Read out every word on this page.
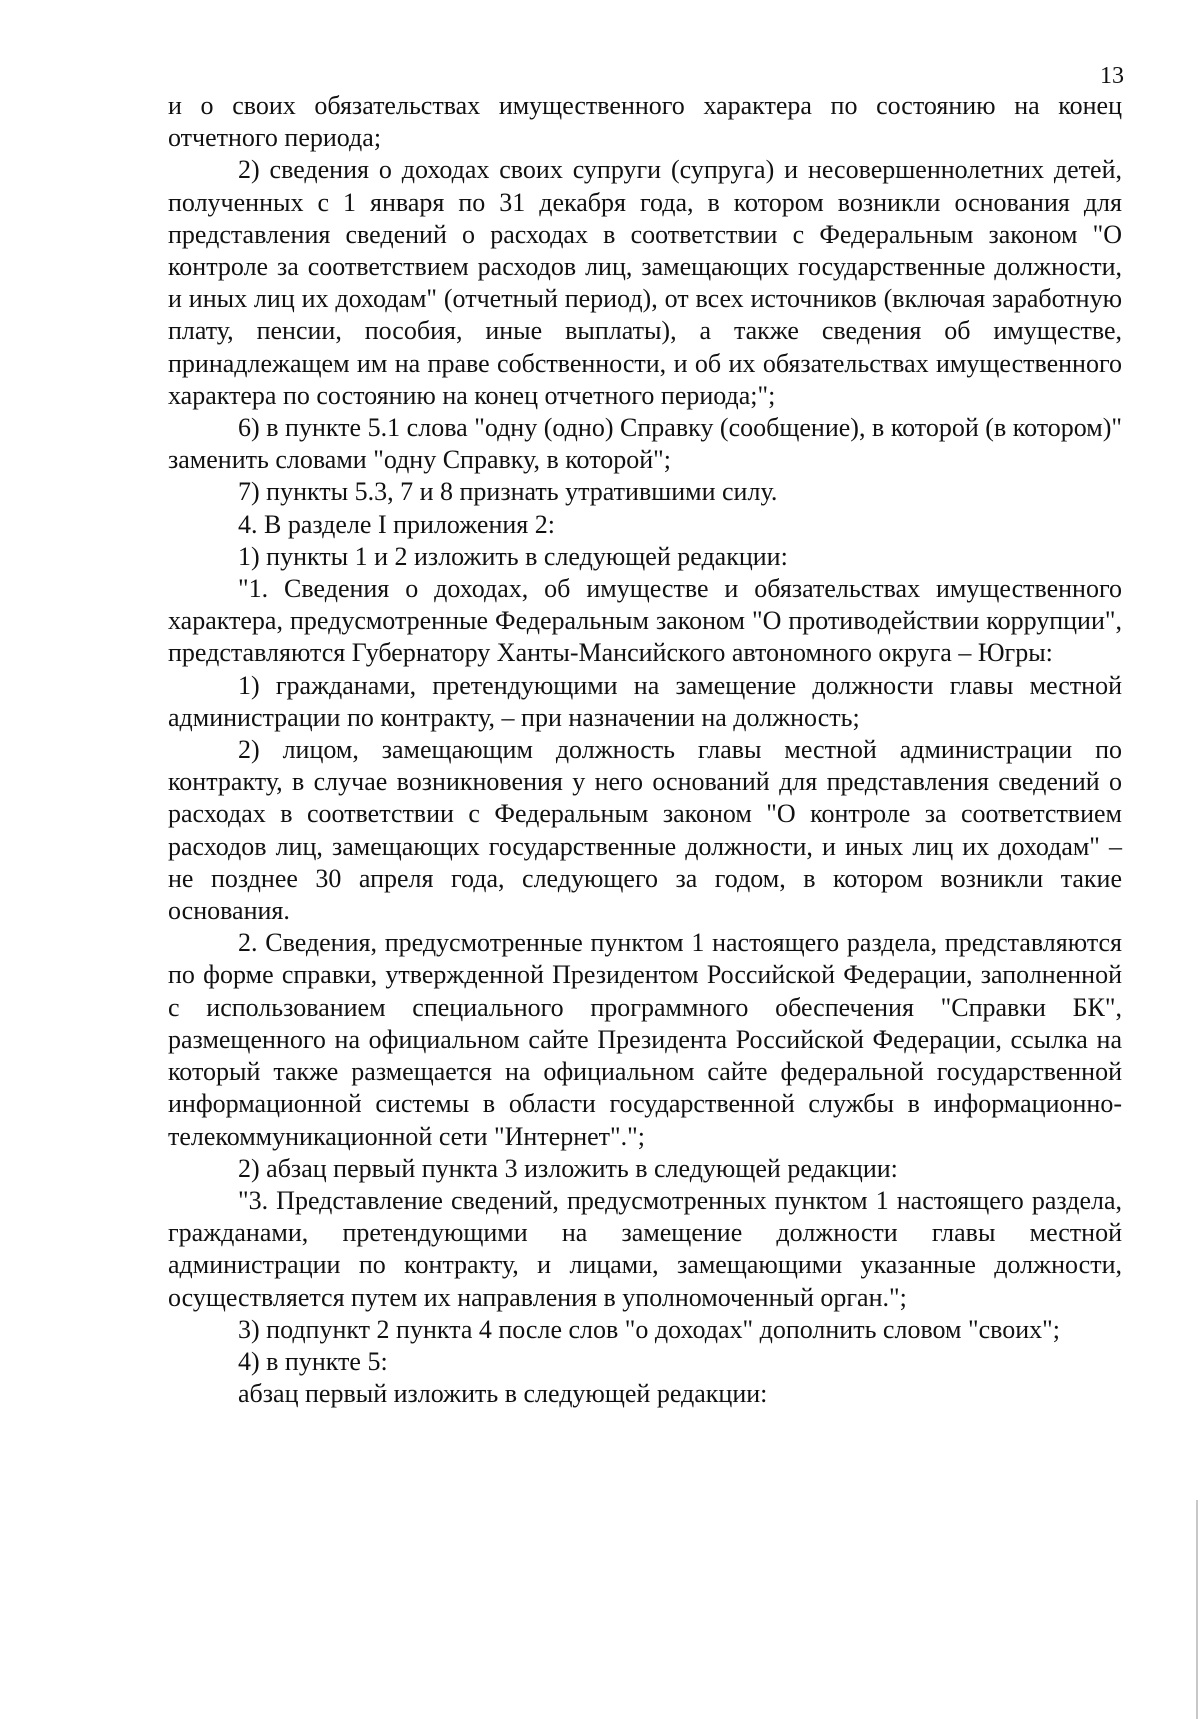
13

и о своих обязательствах имущественного характера по состоянию на конец отчетного периода;

2) сведения о доходах своих супруги (супруга) и несовершеннолетних детей, полученных с 1 января по 31 декабря года, в котором возникли основания для представления сведений о расходах в соответствии с Федеральным законом "О контроле за соответствием расходов лиц, замещающих государственные должности, и иных лиц их доходам" (отчетный период), от всех источников (включая заработную плату, пенсии, пособия, иные выплаты), а также сведения об имуществе, принадлежащем им на праве собственности, и об их обязательствах имущественного характера по состоянию на конец отчетного периода;";

6) в пункте 5.1 слова "одну (одно) Справку (сообщение), в которой (в котором)" заменить словами "одну Справку, в которой";

7) пункты 5.3, 7 и 8 признать утратившими силу.

4. В разделе I приложения 2:

1) пункты 1 и 2 изложить в следующей редакции:

"1. Сведения о доходах, об имуществе и обязательствах имущественного характера, предусмотренные Федеральным законом "О противодействии коррупции", представляются Губернатору Ханты-Мансийского автономного округа – Югры:

1) гражданами, претендующими на замещение должности главы местной администрации по контракту, – при назначении на должность;

2) лицом, замещающим должность главы местной администрации по контракту, в случае возникновения у него оснований для представления сведений о расходах в соответствии с Федеральным законом "О контроле за соответствием расходов лиц, замещающих государственные должности, и иных лиц их доходам" – не позднее 30 апреля года, следующего за годом, в котором возникли такие основания.

2. Сведения, предусмотренные пунктом 1 настоящего раздела, представляются по форме справки, утвержденной Президентом Российской Федерации, заполненной с использованием специального программного обеспечения "Справки БК", размещенного на официальном сайте Президента Российской Федерации, ссылка на который также размещается на официальном сайте федеральной государственной информационной системы в области государственной службы в информационно-телекоммуникационной сети "Интернет".";

2) абзац первый пункта 3 изложить в следующей редакции:

"3. Представление сведений, предусмотренных пунктом 1 настоящего раздела, гражданами, претендующими на замещение должности главы местной администрации по контракту, и лицами, замещающими указанные должности, осуществляется путем их направления в уполномоченный орган.";

3) подпункт 2 пункта 4 после слов "о доходах" дополнить словом "своих";

4) в пункте 5:

абзац первый изложить в следующей редакции:
